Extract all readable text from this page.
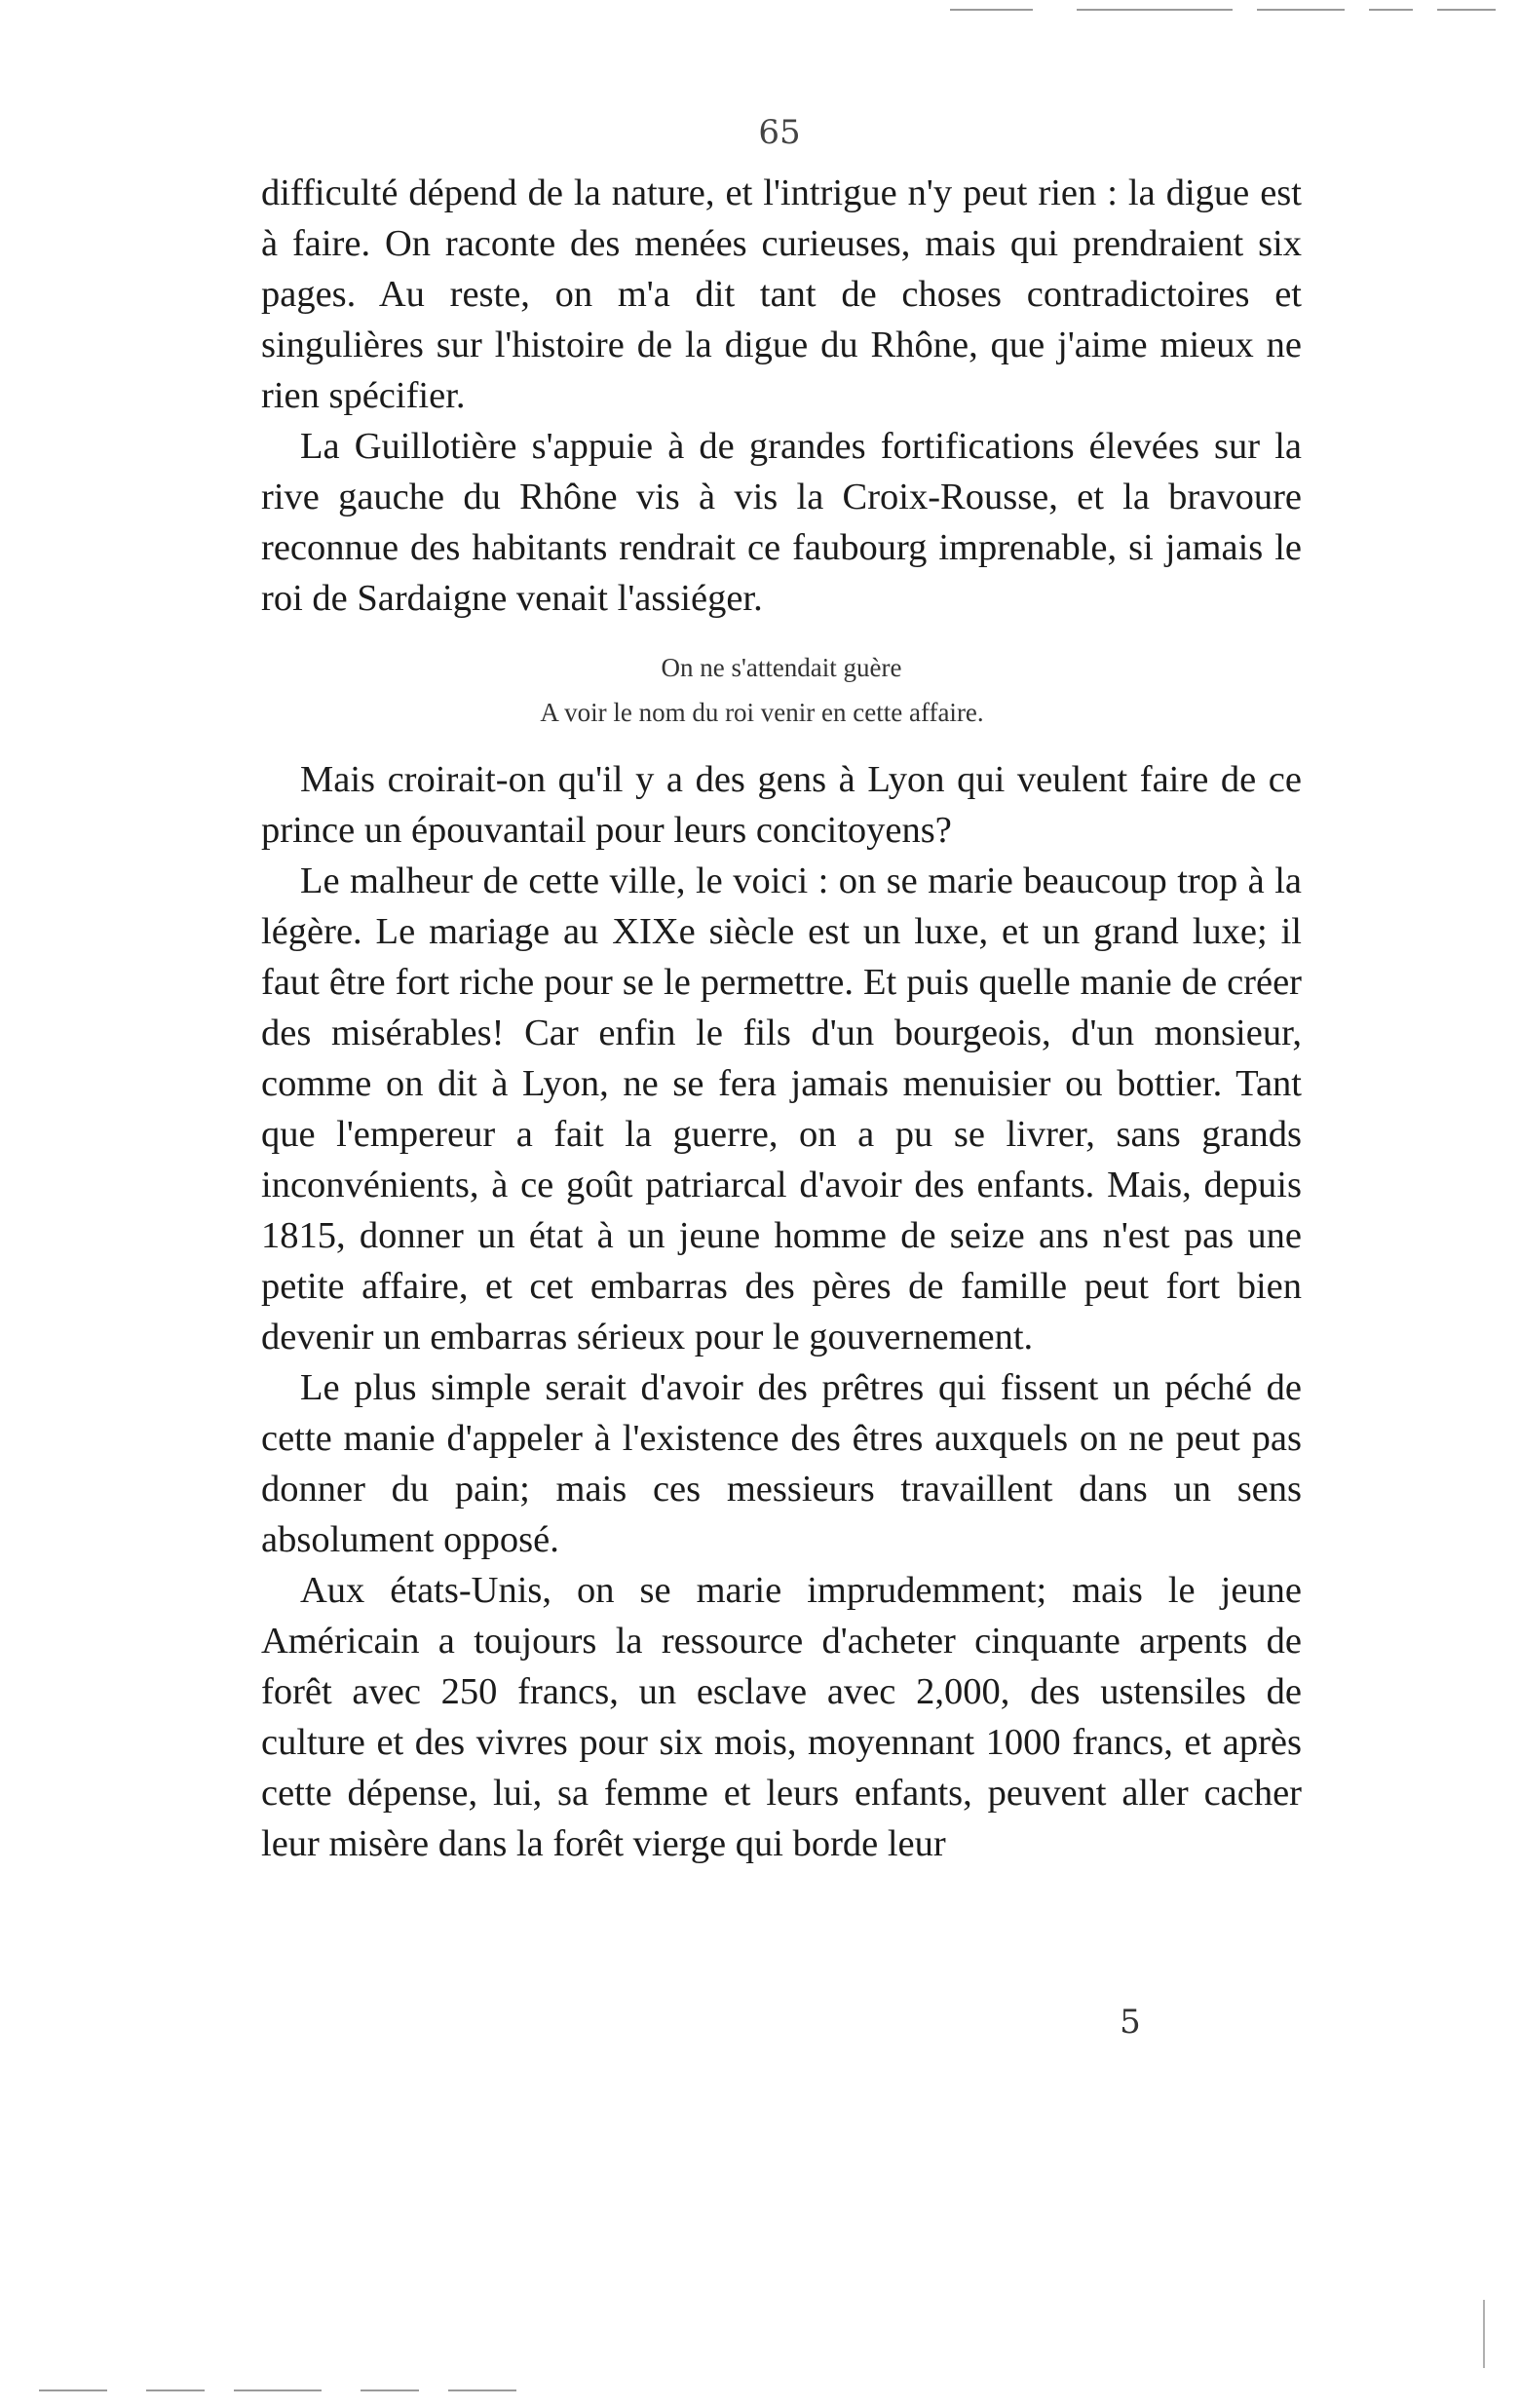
65

difficulté dépend de la nature, et l'intrigue n'y peut rien : la digue est à faire. On raconte des menées curieuses, mais qui prendraient six pages. Au reste, on m'a dit tant de choses contradictoires et singulières sur l'histoire de la digue du Rhône, que j'aime mieux ne rien spécifier.

La Guillotière s'appuie à de grandes fortifications élevées sur la rive gauche du Rhône vis à vis la Croix-Rousse, et la bravoure reconnue des habitants rendrait ce faubourg imprenable, si jamais le roi de Sardaigne venait l'assiéger.

On ne s'attendait guère

A voir le nom du roi venir en cette affaire.

Mais croirait-on qu'il y a des gens à Lyon qui veulent faire de ce prince un épouvantail pour leurs concitoyens?

Le malheur de cette ville, le voici : on se marie beaucoup trop à la légère. Le mariage au XIXe siècle est un luxe, et un grand luxe; il faut être fort riche pour se le permettre. Et puis quelle manie de créer des misérables! Car enfin le fils d'un bourgeois, d'un monsieur, comme on dit à Lyon, ne se fera jamais menuisier ou bottier. Tant que l'empereur a fait la guerre, on a pu se livrer, sans grands inconvénients, à ce goût patriarcal d'avoir des enfants. Mais, depuis 1815, donner un état à un jeune homme de seize ans n'est pas une petite affaire, et cet embarras des pères de famille peut fort bien devenir un embarras sérieux pour le gouvernement.

Le plus simple serait d'avoir des prêtres qui fissent un péché de cette manie d'appeler à l'existence des êtres auxquels on ne peut pas donner du pain; mais ces messieurs travaillent dans un sens absolument opposé.

Aux états-Unis, on se marie imprudemment; mais le jeune Américain a toujours la ressource d'acheter cinquante arpents de forêt avec 250 francs, un esclave avec 2,000, des ustensiles de culture et des vivres pour six mois, moyennant 1000 francs, et après cette dépense, lui, sa femme et leurs enfants, peuvent aller cacher leur misère dans la forêt vierge qui borde leur

5
